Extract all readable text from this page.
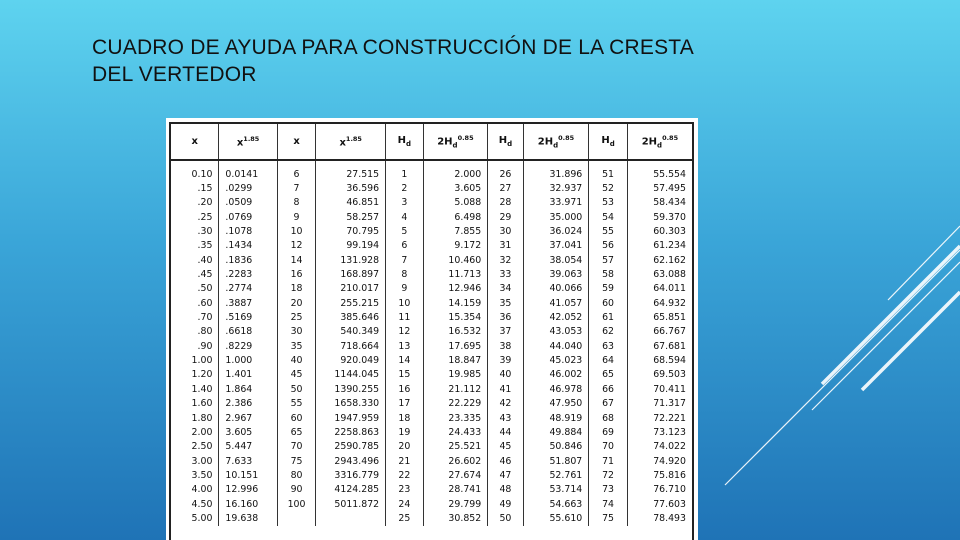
CUADRO DE AYUDA PARA CONSTRUCCIÓN DE LA CRESTA
DEL VERTEDOR
x	$x^{1.85}$	x	$x^{1.85}$	$H_d$	$2H_d^{0.85}$	$H_d$	$2H_d^{0.85}$	$H_d$	$2H_d^{0.85}$
0.10	0.0141	6	27.515	1	2.000	26	31.896	51	55.554
.15	.0299	7	36.596	2	3.605	27	32.937	52	57.495
.20	.0509	8	46.851	3	5.088	28	33.971	53	58.434
.25	.0769	9	58.257	4	6.498	29	35.000	54	59.370
.30	.1078	10	70.795	5	7.855	30	36.024	55	60.303
.35	.1434	12	99.194	6	9.172	31	37.041	56	61.234
.40	.1836	14	131.928	7	10.460	32	38.054	57	62.162
.45	.2283	16	168.897	8	11.713	33	39.063	58	63.088
.50	.2774	18	210.017	9	12.946	34	40.066	59	64.011
.60	.3887	20	255.215	10	14.159	35	41.057	60	64.932
.70	.5169	25	385.646	11	15.354	36	42.052	61	65.851
.80	.6618	30	540.349	12	16.532	37	43.053	62	66.767
.90	.8229	35	718.664	13	17.695	38	44.040	63	67.681
1.00	1.000	40	920.049	14	18.847	39	45.023	64	68.594
1.20	1.401	45	1144.045	15	19.985	40	46.002	65	69.503
1.40	1.864	50	1390.255	16	21.112	41	46.978	66	70.411
1.60	2.386	55	1658.330	17	22.229	42	47.950	67	71.317
1.80	2.967	60	1947.959	18	23.335	43	48.919	68	72.221
2.00	3.605	65	2258.863	19	24.433	44	49.884	69	73.123
2.50	5.447	70	2590.785	20	25.521	45	50.846	70	74.022
3.00	7.633	75	2943.496	21	26.602	46	51.807	71	74.920
3.50	10.151	80	3316.779	22	27.674	47	52.761	72	75.816
4.00	12.996	90	4124.285	23	28.741	48	53.714	73	76.710
4.50	16.160	100	5011.872	24	29.799	49	54.663	74	77.603
5.00	19.638			25	30.852	50	55.610	75	78.493
